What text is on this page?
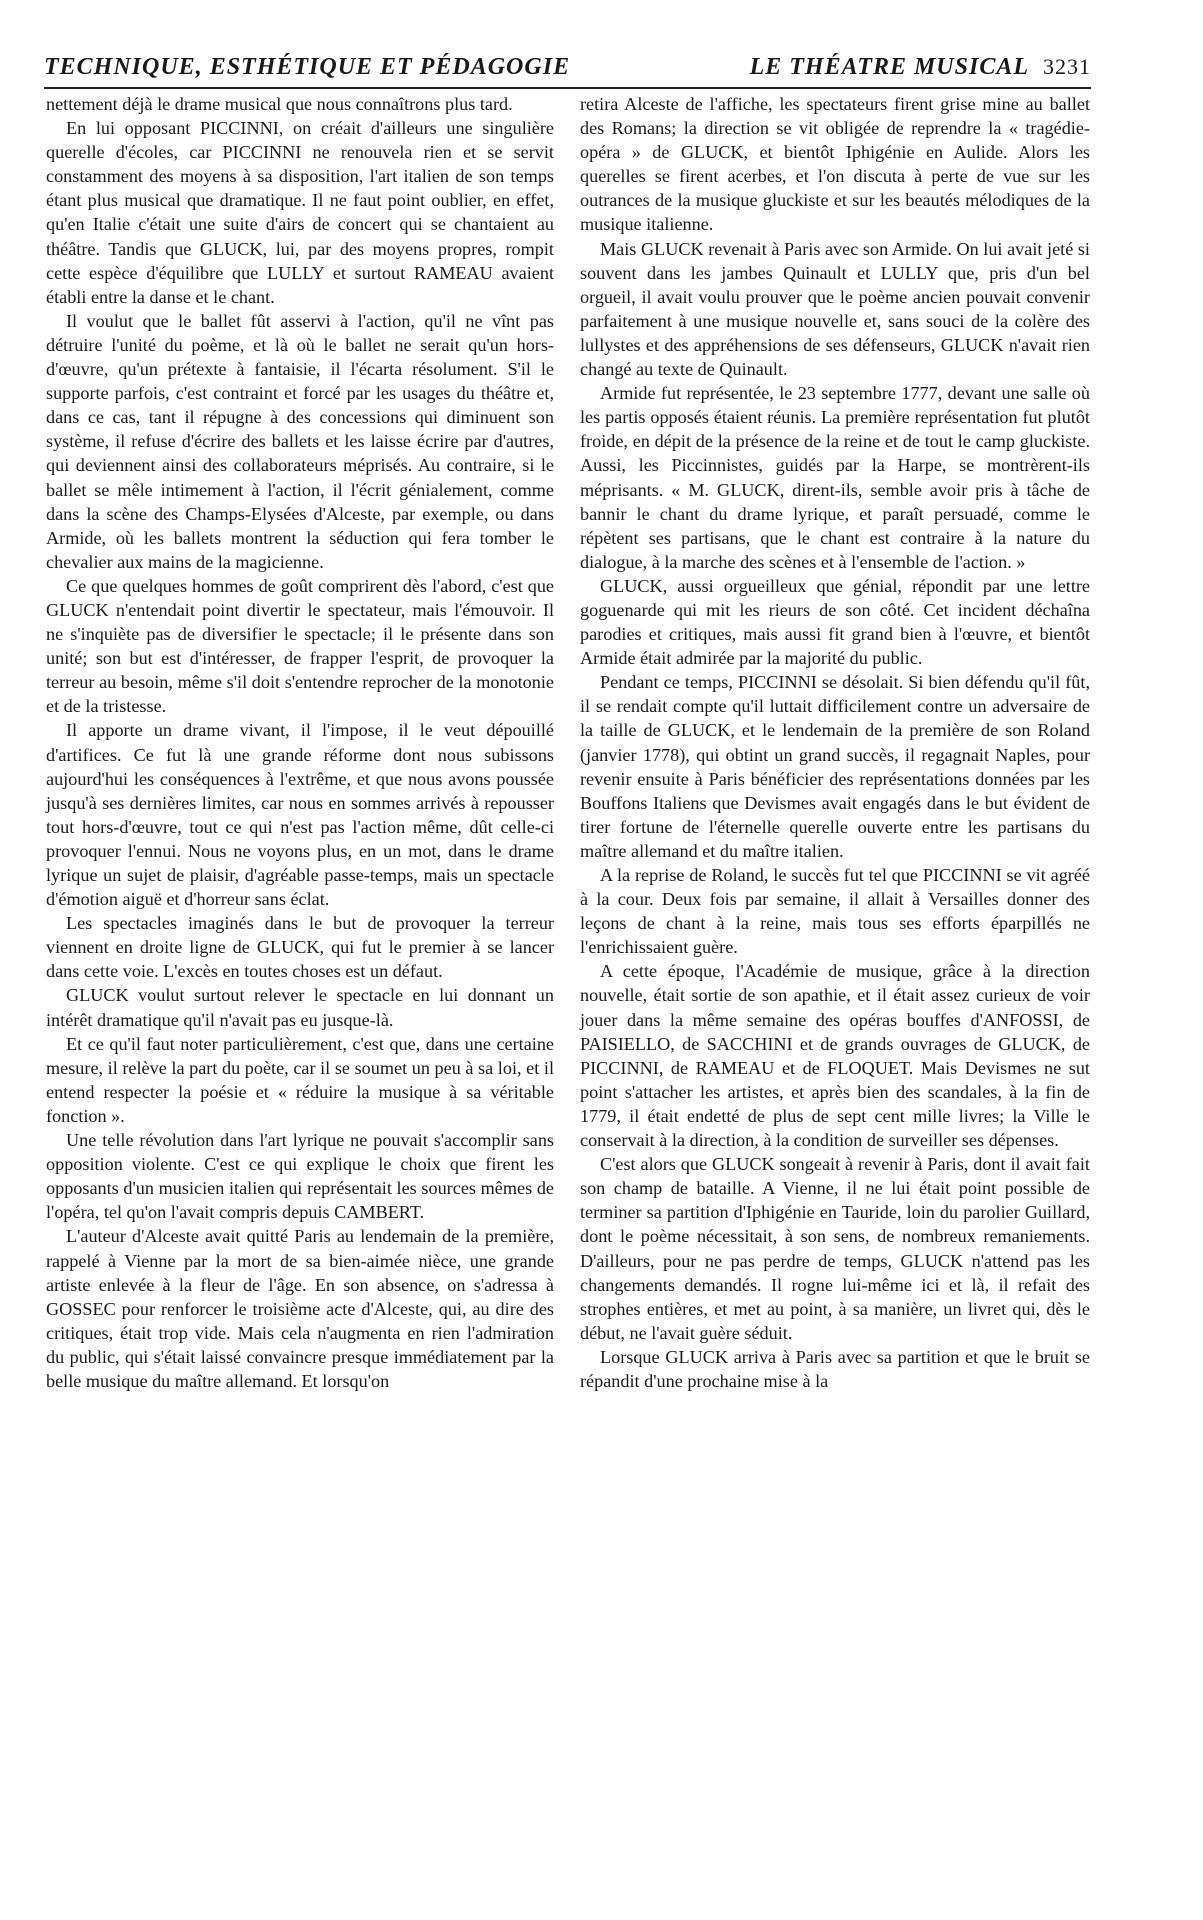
TECHNIQUE, ESTHÉTIQUE ET PÉDAGOGIE	LE THÉATRE MUSICAL 3231

nettement déjà le drame musical que nous connaîtrons plus tard.

En lui opposant PICCINNI, on créait d'ailleurs une singulière querelle d'écoles, car PICCINNI ne renouvela rien et se servit constamment des moyens à sa disposition, l'art italien de son temps étant plus musical que dramatique. Il ne faut point oublier, en effet, qu'en Italie c'était une suite d'airs de concert qui se chantaient au théâtre. Tandis que GLUCK, lui, par des moyens propres, rompit cette espèce d'équilibre que LULLY et surtout RAMEAU avaient établi entre la danse et le chant.

Il voulut que le ballet fût asservi à l'action, qu'il ne vînt pas détruire l'unité du poème, et là où le ballet ne serait qu'un hors-d'œuvre, qu'un prétexte à fantaisie, il l'écarta résolument. S'il le supporte parfois, c'est contraint et forcé par les usages du théâtre et, dans ce cas, tant il répugne à des concessions qui diminuent son système, il refuse d'écrire des ballets et les laisse écrire par d'autres, qui deviennent ainsi des collaborateurs méprisés. Au contraire, si le ballet se mêle intimement à l'action, il l'écrit génialement, comme dans la scène des Champs-Elysées d'Alceste, par exemple, ou dans Armide, où les ballets montrent la séduction qui fera tomber le chevalier aux mains de la magicienne.

Ce que quelques hommes de goût comprirent dès l'abord, c'est que GLUCK n'entendait point divertir le spectateur, mais l'émouvoir. Il ne s'inquiète pas de diversifier le spectacle; il le présente dans son unité; son but est d'intéresser, de frapper l'esprit, de provoquer la terreur au besoin, même s'il doit s'entendre reprocher de la monotonie et de la tristesse.

Il apporte un drame vivant, il l'impose, il le veut dépouillé d'artifices. Ce fut là une grande réforme dont nous subissons aujourd'hui les conséquences à l'extrême, et que nous avons poussée jusqu'à ses dernières limites, car nous en sommes arrivés à repousser tout hors-d'œuvre, tout ce qui n'est pas l'action même, dût celle-ci provoquer l'ennui. Nous ne voyons plus, en un mot, dans le drame lyrique un sujet de plaisir, d'agréable passe-temps, mais un spectacle d'émotion aiguë et d'horreur sans éclat.

Les spectacles imaginés dans le but de provoquer la terreur viennent en droite ligne de GLUCK, qui fut le premier à se lancer dans cette voie. L'excès en toutes choses est un défaut.

GLUCK voulut surtout relever le spectacle en lui donnant un intérêt dramatique qu'il n'avait pas eu jusque-là.

Et ce qu'il faut noter particulièrement, c'est que, dans une certaine mesure, il relève la part du poète, car il se soumet un peu à sa loi, et il entend respecter la poésie et « réduire la musique à sa véritable fonction ».

Une telle révolution dans l'art lyrique ne pouvait s'accomplir sans opposition violente. C'est ce qui explique le choix que firent les opposants d'un musicien italien qui représentait les sources mêmes de l'opéra, tel qu'on l'avait compris depuis CAMBERT.

L'auteur d'Alceste avait quitté Paris au lendemain de la première, rappelé à Vienne par la mort de sa bien-aimée nièce, une grande artiste enlevée à la fleur de l'âge. En son absence, on s'adressa à GOSSEC pour renforcer le troisième acte d'Alceste, qui, au dire des critiques, était trop vide. Mais cela n'augmenta en rien l'admiration du public, qui s'était laissé convaincre presque immédiatement par la belle musique du maître allemand. Et lorsqu'on

retira Alceste de l'affiche, les spectateurs firent grise mine au ballet des Romans; la direction se vit obligée de reprendre la « tragédie-opéra » de GLUCK, et bientôt Iphigénie en Aulide. Alors les querelles se firent acerbes, et l'on discuta à perte de vue sur les outrances de la musique gluckiste et sur les beautés mélodiques de la musique italienne.

Mais GLUCK revenait à Paris avec son Armide. On lui avait jeté si souvent dans les jambes Quinault et LULLY que, pris d'un bel orgueil, il avait voulu prouver que le poème ancien pouvait convenir parfaitement à une musique nouvelle et, sans souci de la colère des lullystes et des appréhensions de ses défenseurs, GLUCK n'avait rien changé au texte de Quinault.

Armide fut représentée, le 23 septembre 1777, devant une salle où les partis opposés étaient réunis. La première représentation fut plutôt froide, en dépit de la présence de la reine et de tout le camp gluckiste. Aussi, les Piccinnistes, guidés par la Harpe, se montrèrent-ils méprisants. « M. GLUCK, dirent-ils, semble avoir pris à tâche de bannir le chant du drame lyrique, et paraît persuadé, comme le répètent ses partisans, que le chant est contraire à la nature du dialogue, à la marche des scènes et à l'ensemble de l'action. »

GLUCK, aussi orgueilleux que génial, répondit par une lettre goguenarde qui mit les rieurs de son côté. Cet incident déchaîna parodies et critiques, mais aussi fit grand bien à l'œuvre, et bientôt Armide était admirée par la majorité du public.

Pendant ce temps, PICCINNI se désolait. Si bien défendu qu'il fût, il se rendait compte qu'il luttait difficilement contre un adversaire de la taille de GLUCK, et le lendemain de la première de son Roland (janvier 1778), qui obtint un grand succès, il regagnait Naples, pour revenir ensuite à Paris bénéficier des représentations données par les Bouffons Italiens que Devismes avait engagés dans le but évident de tirer fortune de l'éternelle querelle ouverte entre les partisans du maître allemand et du maître italien.

A la reprise de Roland, le succès fut tel que PICCINNI se vit agréé à la cour. Deux fois par semaine, il allait à Versailles donner des leçons de chant à la reine, mais tous ses efforts éparpillés ne l'enrichissaient guère.

A cette époque, l'Académie de musique, grâce à la direction nouvelle, était sortie de son apathie, et il était assez curieux de voir jouer dans la même semaine des opéras bouffes d'ANFOSSI, de PAISIELLO, de SACCHINI et de grands ouvrages de GLUCK, de PICCINNI, de RAMEAU et de FLOQUET. Mais Devismes ne sut point s'attacher les artistes, et après bien des scandales, à la fin de 1779, il était endetté de plus de sept cent mille livres; la Ville le conservait à la direction, à la condition de surveiller ses dépenses.

C'est alors que GLUCK songeait à revenir à Paris, dont il avait fait son champ de bataille. A Vienne, il ne lui était point possible de terminer sa partition d'Iphigénie en Tauride, loin du parolier Guillard, dont le poème nécessitait, à son sens, de nombreux remaniements. D'ailleurs, pour ne pas perdre de temps, GLUCK n'attend pas les changements demandés. Il rogne lui-même ici et là, il refait des strophes entières, et met au point, à sa manière, un livret qui, dès le début, ne l'avait guère séduit.

Lorsque GLUCK arriva à Paris avec sa partition et que le bruit se répandit d'une prochaine mise à la
